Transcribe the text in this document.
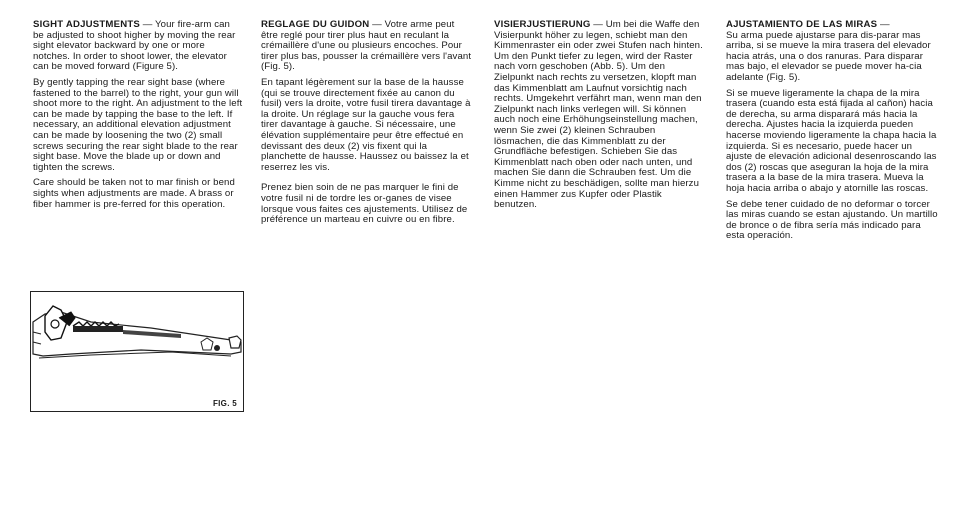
SIGHT ADJUSTMENTS — Your fire-arm can be adjusted to shoot higher by moving the rear sight elevator backward by one or more notches. In order to shoot lower, the elevator can be moved forward (Figure 5).

By gently tapping the rear sight base (where fastened to the barrel) to the right, your gun will shoot more to the right. An adjustment to the left can be made by tapping the base to the left. If necessary, an additional elevation adjustment can be made by loosening the two (2) small screws securing the rear sight blade to the rear sight base. Move the blade up or down and tighten the screws.

Care should be taken not to mar finish or bend sights when adjustments are made. A brass or fiber hammer is pre-ferred for this operation.

REGLAGE DU GUIDON — Votre arme peut être reglé pour tirer plus haut en reculant la crémaillère d'une ou plusieurs encoches. Pour tirer plus bas, pousser la crémaillère vers l'avant (Fig. 5).

En tapant légèrement sur la base de la hausse (qui se trouve directement fixée au canon du fusil) vers la droite, votre fusil tirera davantage à la droite. Un réglage sur la gauche vous fera tirer davantage à gauche. Si nécessaire, une élévation supplémentaire peur être effectué en devissant des deux (2) vis fixent qui la planchette de hausse. Haussez ou baissez la et reserrez les vis.

Prenez bien soin de ne pas marquer le fini de votre fusil ni de tordre les or-ganes de visee lorsque vous faites ces ajustements. Utilisez de préférence un marteau en cuivre ou en fibre.

VISIERJUSTIERUNG — Um bei die Waffe den Visierpunkt höher zu legen, schiebt man den Kimmenraster ein oder zwei Stufen nach hinten. Um den Punkt tiefer zu legen, wird der Raster nach vorn geschoben (Abb. 5). Um den Zielpunkt nach rechts zu versetzen, klopft man das Kimmenblatt am Laufnut vorsichtig nach rechts. Umgekehrt verfährt man, wenn man den Zielpunkt nach links verlegen will. Si können auch noch eine Erhöhungseinstellung machen, wenn Sie zwei (2) kleinen Schrauben lösmachen, die das Kimmenblatt zu der Grundfläche befestigen. Schieben Sie das Kimmenblatt nach oben oder nach unten, und machen Sie dann die Schrauben fest. Um die Kimme nicht zu beschädigen, sollte man hierzu einen Hammer zus Kupfer oder Plastik benutzen.

AJUSTAMIENTO DE LAS MIRAS —
Su arma puede ajustarse para dis-parar mas arriba, si se mueve la mira trasera del elevador hacia atrás, una o dos ranuras. Para disparar mas bajo, el elevador se puede mover ha-cia adelante (Fig. 5).

Si se mueve ligeramente la chapa de la mira trasera (cuando esta está fijada al cañon) hacia de derecha, su arma disparará más hacia la derecha. Ajustes hacia la izquierda pueden hacerse moviendo ligeramente la chapa hacia la izquierda. Si es necesario, puede hacer un ajuste de elevación adicional desenroscando las dos (2) roscas que aseguran la hoja de la mira trasera a la base de la mira trasera. Mueva la hoja hacia arriba o abajo y atornille las roscas.

Se debe tener cuidado de no deformar o torcer las miras cuando se estan ajustando. Un martillo de bronce o de fibra sería más indicado para esta operación.

FIG. 5
